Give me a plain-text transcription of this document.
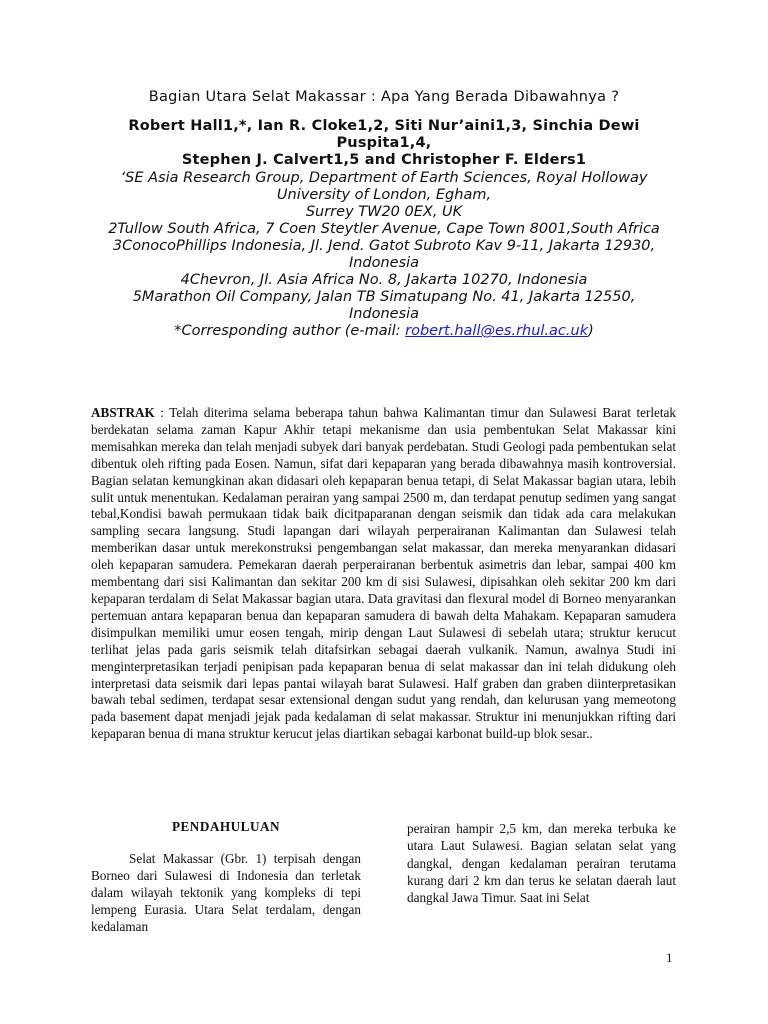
Bagian Utara Selat Makassar : Apa Yang Berada Dibawahnya ?
Robert Hall1,*, Ian R. Cloke1,2, Siti Nur’aini1,3, Sinchia Dewi Puspita1,4,
Stephen J. Calvert1,5 and Christopher F. Elders1
‘SE Asia Research Group, Department of Earth Sciences, Royal Holloway University of London, Egham,
Surrey TW20 0EX, UK
2Tullow South Africa, 7 Coen Steytler Avenue, Cape Town 8001,South Africa
3ConocoPhillips Indonesia, Jl. Jend. Gatot Subroto Kav 9-11, Jakarta 12930, Indonesia
4Chevron, Jl. Asia Africa No. 8, Jakarta 10270, Indonesia
5Marathon Oil Company, Jalan TB Simatupang No. 41, Jakarta 12550, Indonesia
*Corresponding author (e-mail: robert.hall@es.rhul.ac.uk)
ABSTRAK : Telah diterima selama beberapa tahun bahwa Kalimantan timur dan Sulawesi Barat terletak berdekatan selama zaman Kapur Akhir tetapi mekanisme dan usia pembentukan Selat Makassar kini memisahkan mereka dan telah menjadi subyek dari banyak perdebatan. Studi Geologi pada pembentukan selat dibentuk oleh rifting pada Eosen. Namun, sifat dari kepaparan yang berada dibawahnya masih kontroversial. Bagian selatan kemungkinan akan didasari oleh kepaparan benua tetapi, di Selat Makassar bagian utara, lebih sulit untuk menentukan. Kedalaman perairan yang sampai 2500 m, dan terdapat penutup sedimen yang sangat tebal,Kondisi bawah permukaan tidak baik dicitpaparanan dengan seismik dan tidak ada cara melakukan sampling secara langsung. Studi lapangan dari wilayah perperairanan Kalimantan dan Sulawesi telah memberikan dasar untuk merekonstruksi pengembangan selat makassar, dan mereka menyarankan didasari oleh kepaparan samudera. Pemekaran daerah perperairanan berbentuk asimetris dan lebar, sampai 400 km membentang dari sisi Kalimantan dan sekitar 200 km di sisi Sulawesi, dipisahkan oleh sekitar 200 km dari kepaparan terdalam di Selat Makassar bagian utara. Data gravitasi dan flexural model di Borneo menyarankan pertemuan antara kepaparan benua dan kepaparan samudera di bawah delta Mahakam. Kepaparan samudera disimpulkan memiliki umur eosen tengah, mirip dengan Laut Sulawesi di sebelah utara; struktur kerucut terlihat jelas pada garis seismik telah ditafsirkan sebagai daerah vulkanik. Namun, awalnya Studi ini menginterpretasikan terjadi penipisan pada kepaparan benua di selat makassar dan ini telah didukung oleh interpretasi data seismik dari lepas pantai wilayah barat Sulawesi. Half graben dan graben diinterpretasikan bawah tebal sedimen, terdapat sesar extensional dengan sudut yang rendah, dan kelurusan yang memeotong pada basement dapat menjadi jejak pada kedalaman di selat makassar. Struktur ini menunjukkan rifting dari kepaparan benua di mana struktur kerucut jelas diartikan sebagai karbonat build-up blok sesar..
PENDAHULUAN

Selat Makassar (Gbr. 1) terpisah dengan Borneo dari Sulawesi di Indonesia dan terletak dalam wilayah tektonik yang kompleks di tepi lempeng Eurasia. Utara Selat terdalam, dengan kedalaman

perairan hampir 2,5 km, dan mereka terbuka ke utara Laut Sulawesi. Bagian selatan selat yang dangkal, dengan kedalaman perairan terutama kurang dari 2 km dan terus ke selatan daerah laut dangkal Jawa Timur. Saat ini Selat

1
